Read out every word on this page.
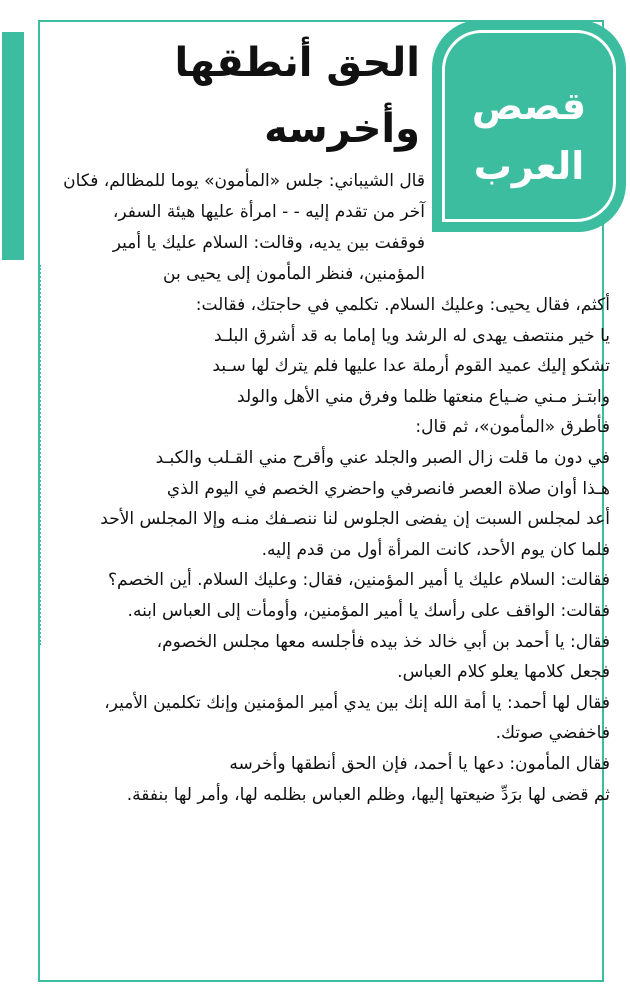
قصص
العرب
الحق أنطقها
وأخرسه

قال الشيباني: جلس «المأمون» يوما للمظالم، فكان آخر من تقدم إليه - - امرأة عليها هيئة السفر، فوقفت بين يديه، وقالت: السلام عليك يا أمير المؤمنين، فنظر المأمون إلى يحيى بن

أكثم، فقال يحيى: وعليك السلام. تكلمي في حاجتك، فقالت:

يا خير منتصف يهدى له الرشد ويا إماما به قد أشرق البلـد

تشكو إليك عميد القوم أرملة عدا عليها فلم يترك لها سـبد

وابتـز مـني ضـياع منعتها ظلما وفرق مني الأهل والولد

فأطرق «المأمون»، ثم قال:

في دون ما قلت زال الصبر والجلد عني وأقرح مني القـلب والكبـد

هـذا أوان صلاة العصر فانصرفي واحضري الخصم في اليوم الذي

أعد لمجلس السبت إن يفضى الجلوس لنا ننصـفك منـه وإلا المجلس الأحد

فلما كان يوم الأحد، كانت المرأة أول من قدم إليه.

فقالت: السلام عليك يا أمير المؤمنين، فقال: وعليك السلام. أين الخصم؟

فقالت: الواقف على رأسك يا أمير المؤمنين، وأومأت إلى العباس ابنه.

فقال: يا أحمد بن أبي خالد خذ بيده فأجلسه معها مجلس الخصوم،

فجعل كلامها يعلو كلام العباس.

فقال لها أحمد: يا أمة الله إنك بين يدي أمير المؤمنين وإنك تكلمين الأمير، فاخفضي صوتك.

فقال المأمون: دعها يا أحمد، فإن الحق أنطقها وأخرسه

ثم قضى لها برَدِّ ضيعتها إليها، وظلم العباس بظلمه لها، وأمر لها بنفقة.
